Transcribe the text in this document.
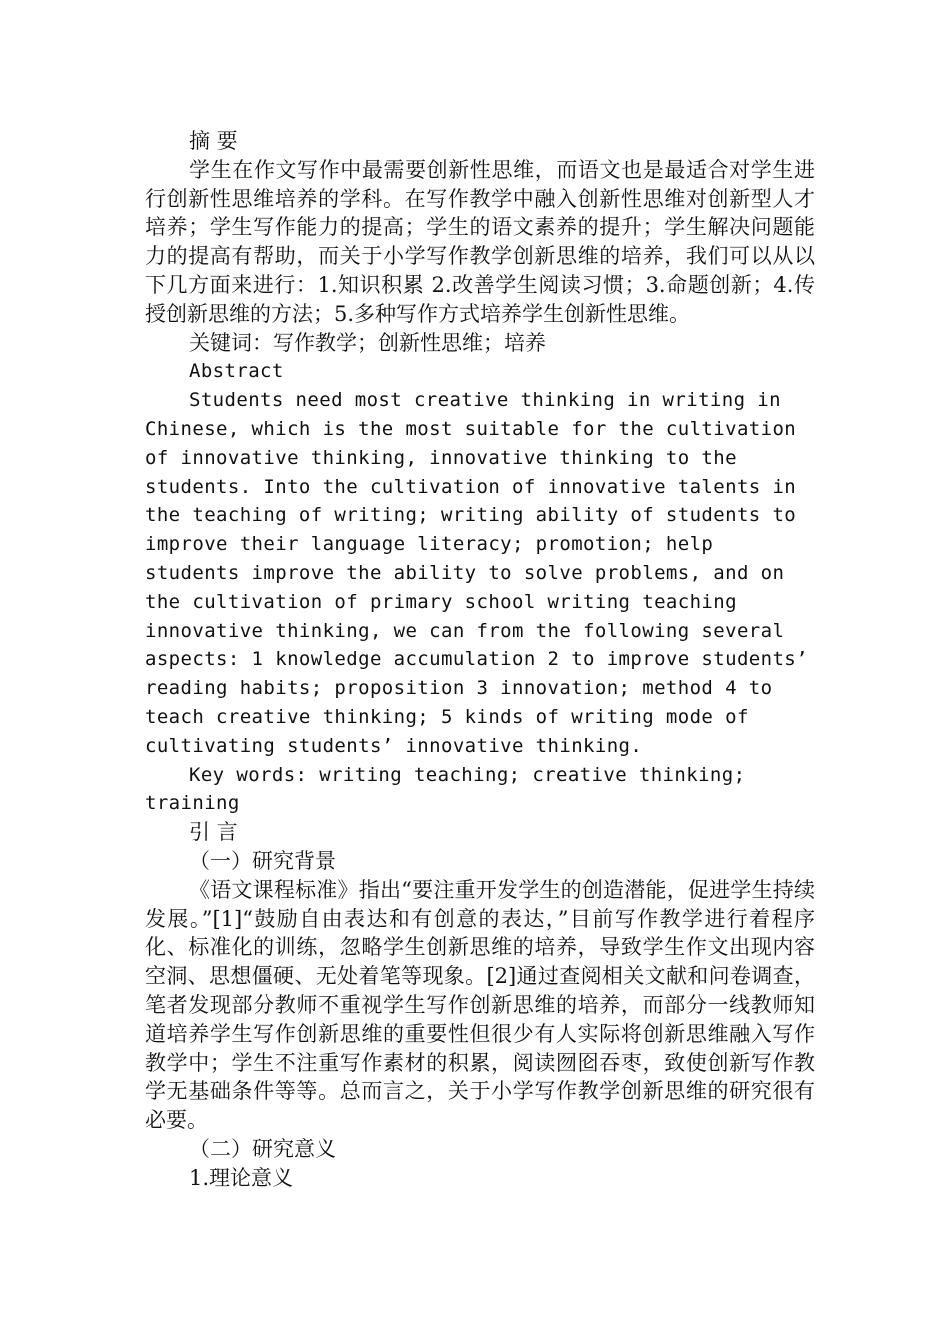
摘 要

学生在作文写作中最需要创新性思维，而语文也是最适合对学生进行创新性思维培养的学科。在写作教学中融入创新性思维对创新型人才培养；学生写作能力的提高；学生的语文素养的提升；学生解决问题能力的提高有帮助，而关于小学写作教学创新思维的培养，我们可以从以下几方面来进行：1.知识积累 2.改善学生阅读习惯；3.命题创新；4.传授创新思维的方法；5.多种写作方式培养学生创新性思维。

关键词：写作教学；创新性思维；培养

Abstract

Students need most creative thinking in writing in Chinese, which is the most suitable for the cultivation of innovative thinking, innovative thinking to the students. Into the cultivation of innovative talents in the teaching of writing; writing ability of students to improve their language literacy; promotion; help students improve the ability to solve problems, and on the cultivation of primary school writing teaching innovative thinking, we can from the following several aspects: 1 knowledge accumulation 2 to improve students’ reading habits; proposition 3 innovation; method 4 to teach creative thinking; 5 kinds of writing mode of cultivating students’ innovative thinking.

Key words: writing teaching; creative thinking; training

引 言

（一）研究背景

《语文课程标准》指出“要注重开发学生的创造潜能，促进学生持续发展。”[1]“鼓励自由表达和有创意的表达，”目前写作教学进行着程序化、标准化的训练，忽略学生创新思维的培养，导致学生作文出现内容空洞、思想僵硬、无处着笔等现象。[2]通过查阅相关文献和问卷调查，笔者发现部分教师不重视学生写作创新思维的培养，而部分一线教师知道培养学生写作创新思维的重要性但很少有人实际将创新思维融入写作教学中；学生不注重写作素材的积累，阅读囫囵吞枣，致使创新写作教学无基础条件等等。总而言之，关于小学写作教学创新思维的研究很有必要。

（二）研究意义

1.理论意义
